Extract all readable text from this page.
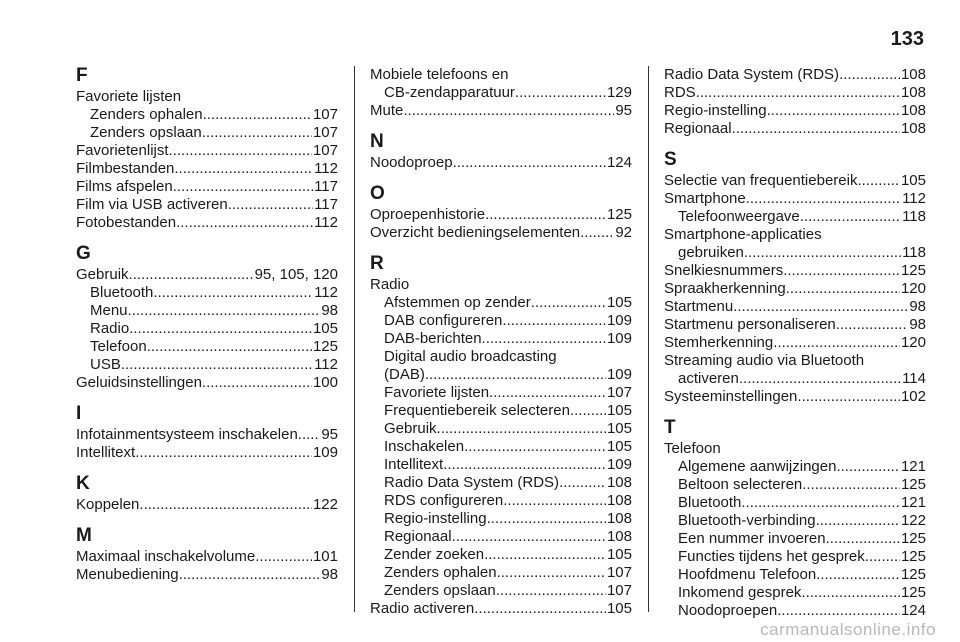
133
F
Favoriete lijsten
Zenders ophalen .....	107
Zenders opslaan .....	107
Favorietenlijst .....	107
Filmbestanden .....	112
Films afspelen .....	117
Film via USB activeren .....	117
Fotobestanden .....	112
G
Gebruik .....	95, 105, 120
Bluetooth .....	112
Menu .....	98
Radio .....	105
Telefoon .....	125
USB .....	112
Geluidsinstellingen .....	100
I
Infotainmentsysteem inschakelen ..... 95
Intellitext .....	109
K
Koppelen .....	122
M
Maximaal inschakelvolume .....	101
Menubediening .....	98
Mobiele telefoons en
CB-zendapparatuur .....	129
Mute .....	95
N
Noodoproep .....	124
O
Oproepenhistorie .....	125
Overzicht bedieningselementen ..... 92
R
Radio
Afstemmen op zender .....	105
DAB configureren .....	109
DAB-berichten .....	109
Digital audio broadcasting
(DAB) .....	109
Favoriete lijsten .....	107
Frequentiebereik selecteren ..... 105
Gebruik .....	105
Inschakelen .....	105
Intellitext .....	109
Radio Data System (RDS) .....	108
RDS configureren .....	108
Regio-instelling .....	108
Regionaal .....	108
Zender zoeken .....	105
Zenders ophalen .....	107
Zenders opslaan .....	107
Radio activeren .....	105
Radio Data System (RDS) .....	108
RDS .....	108
Regio-instelling .....	108
Regionaal .....	108
S
Selectie van frequentiebereik .....	105
Smartphone .....	112
Telefoonweergave .....	118
Smartphone-applicaties
gebruiken .....	118
Snelkiesnummers .....	125
Spraakherkenning .....	120
Startmenu .....	98
Startmenu personaliseren .....	98
Stemherkenning .....	120
Streaming audio via Bluetooth
activeren .....	114
Systeeminstellingen .....	102
T
Telefoon
Algemene aanwijzingen .....	121
Beltoon selecteren .....	125
Bluetooth .....	121
Bluetooth-verbinding .....	122
Een nummer invoeren .....	125
Functies tijdens het gesprek ..... 125
Hoofdmenu Telefoon .....	125
Inkomend gesprek .....	125
Noodoproepen .....	124
carmanualsonline.info
